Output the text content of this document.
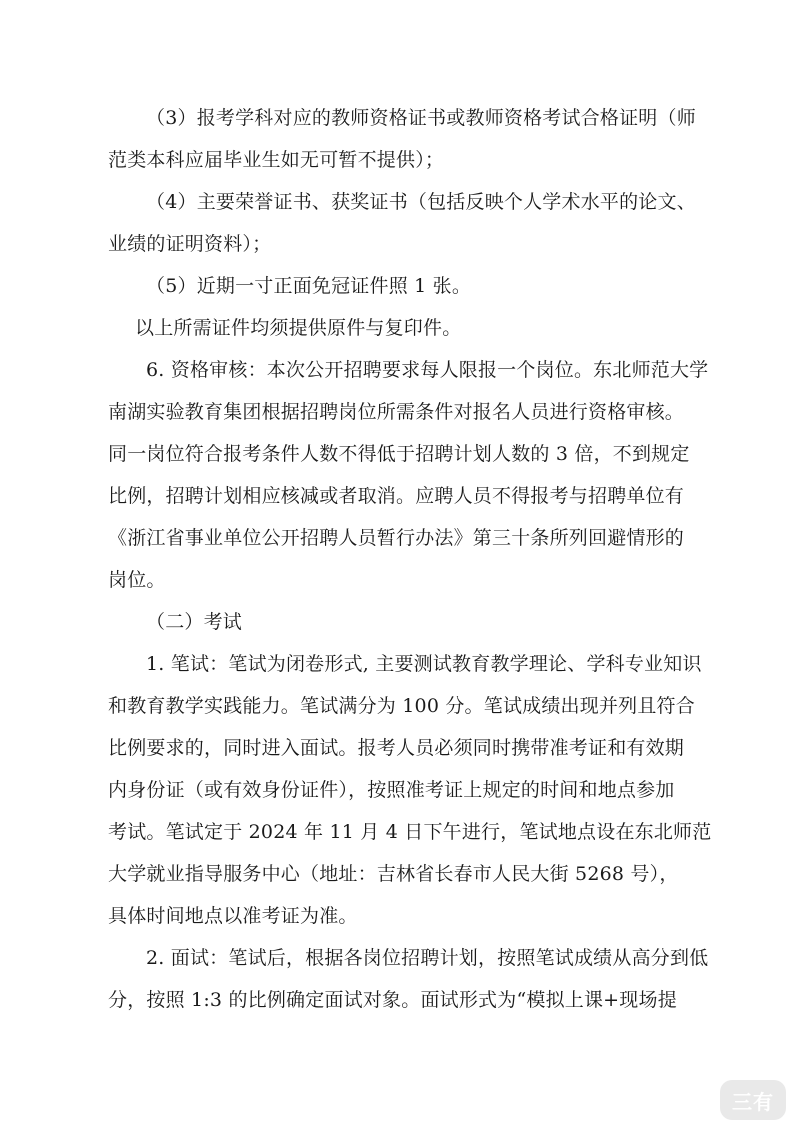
（3）报考学科对应的教师资格证书或教师资格考试合格证明（师
范类本科应届毕业生如无可暂不提供）；
（4）主要荣誉证书、获奖证书（包括反映个人学术水平的论文、
业绩的证明资料）；
（5）近期一寸正面免冠证件照 1 张。
以上所需证件均须提供原件与复印件。
6. 资格审核：本次公开招聘要求每人限报一个岗位。东北师范大学
南湖实验教育集团根据招聘岗位所需条件对报名人员进行资格审核。
同一岗位符合报考条件人数不得低于招聘计划人数的 3 倍，不到规定
比例，招聘计划相应核减或者取消。应聘人员不得报考与招聘单位有
《浙江省事业单位公开招聘人员暂行办法》第三十条所列回避情形的
岗位。
（二）考试
1. 笔试：笔试为闭卷形式, 主要测试教育教学理论、学科专业知识
和教育教学实践能力。笔试满分为 100 分。笔试成绩出现并列且符合
比例要求的，同时进入面试。报考人员必须同时携带准考证和有效期
内身份证（或有效身份证件），按照准考证上规定的时间和地点参加
考试。笔试定于 2024 年 11 月 4 日下午进行，笔试地点设在东北师范
大学就业指导服务中心（地址：吉林省长春市人民大街 5268 号），
具体时间地点以准考证为准。
2. 面试：笔试后，根据各岗位招聘计划，按照笔试成绩从高分到低
分，按照 1:3 的比例确定面试对象。面试形式为“模拟上课+现场提
三有
